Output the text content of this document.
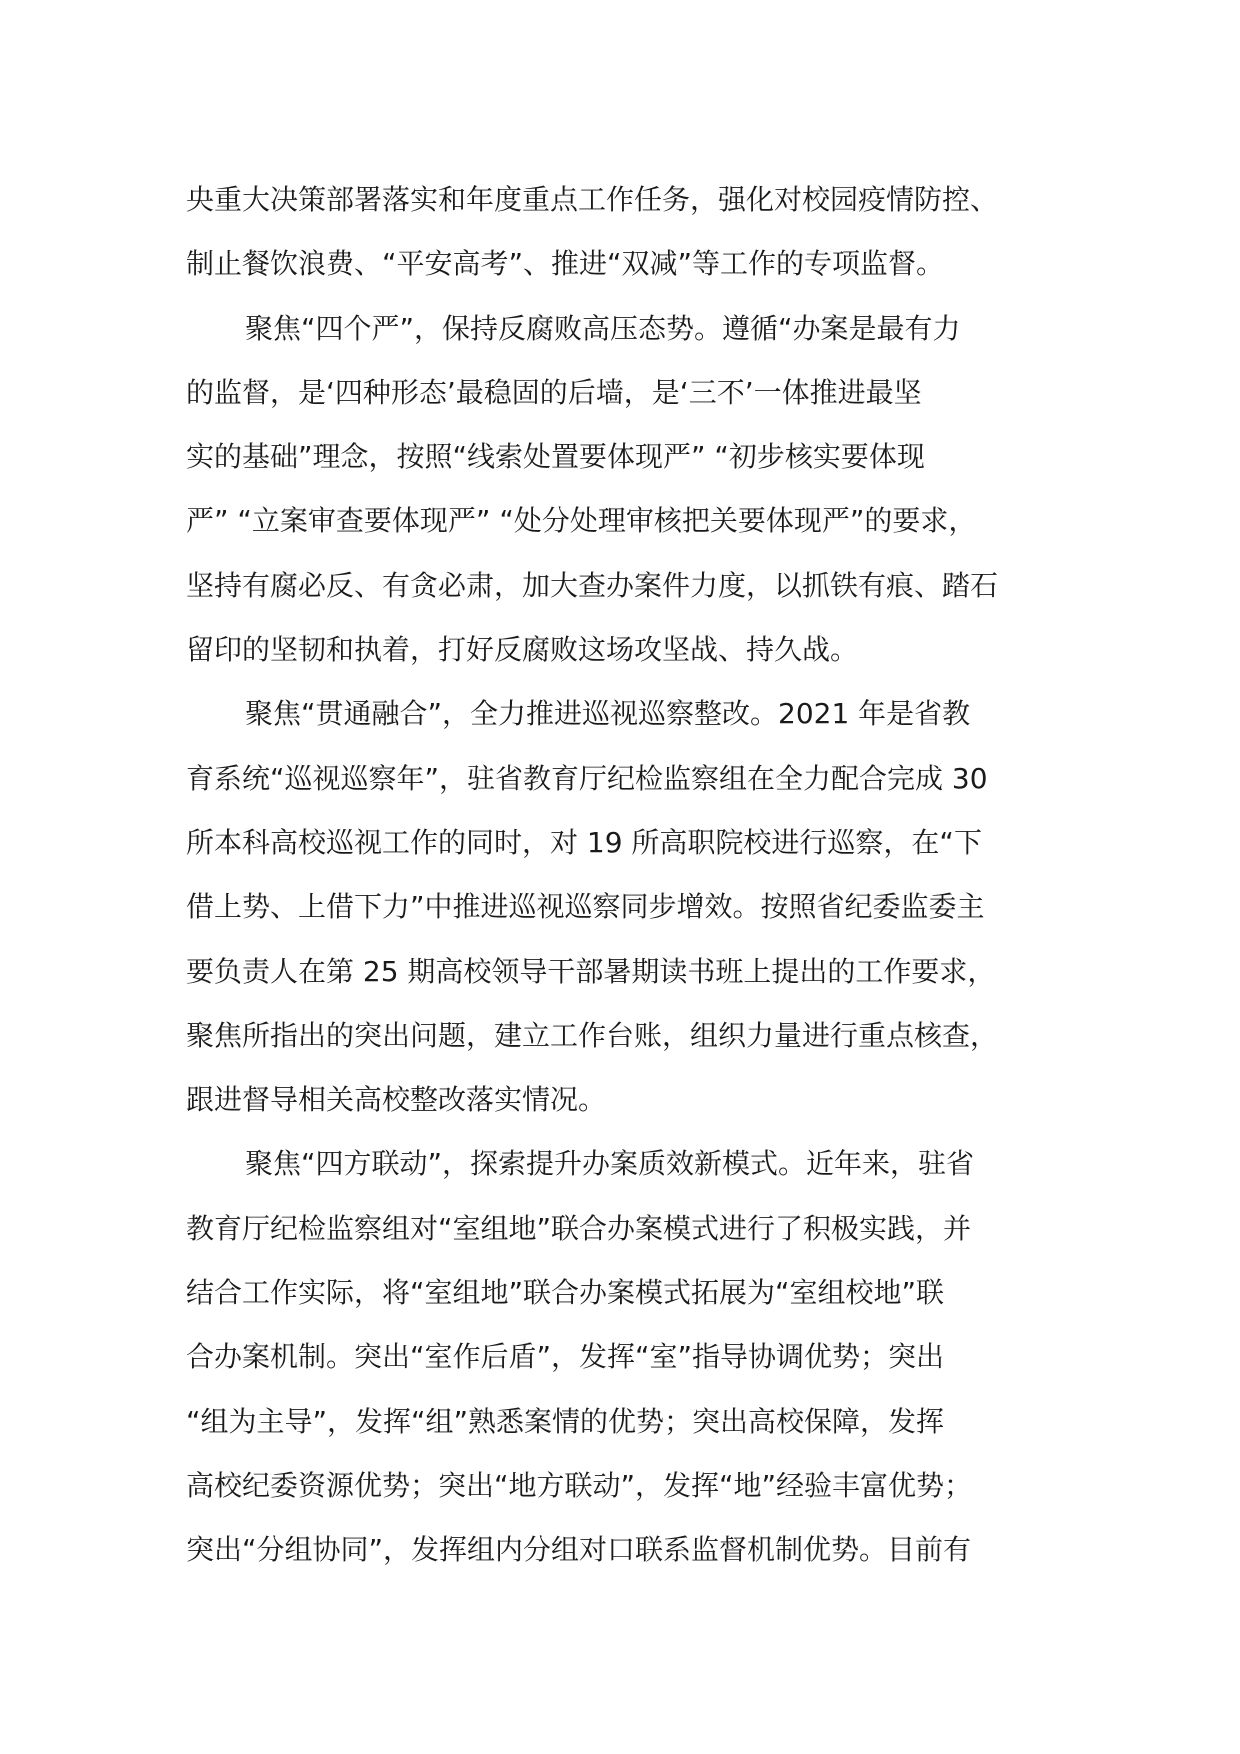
央重大决策部署落实和年度重点工作任务，强化对校园疫情防控、
制止餐饮浪费、“平安高考”、推进“双减”等工作的专项监督。
聚焦“四个严”，保持反腐败高压态势。遵循“办案是最有力
的监督，是‘四种形态’最稳固的后墙，是‘三不’一体推进最坚
实的基础”理念，按照“线索处置要体现严” “初步核实要体现
严” “立案审查要体现严” “处分处理审核把关要体现严”的要求，
坚持有腐必反、有贪必肃，加大查办案件力度，以抓铁有痕、踏石
留印的坚韧和执着，打好反腐败这场攻坚战、持久战。
聚焦“贯通融合”，全力推进巡视巡察整改。2021 年是省教
育系统“巡视巡察年”，驻省教育厅纪检监察组在全力配合完成 30
所本科高校巡视工作的同时，对 19 所高职院校进行巡察，在“下
借上势、上借下力”中推进巡视巡察同步增效。按照省纪委监委主
要负责人在第 25 期高校领导干部暑期读书班上提出的工作要求，
聚焦所指出的突出问题，建立工作台账，组织力量进行重点核查，
跟进督导相关高校整改落实情况。
聚焦“四方联动”，探索提升办案质效新模式。近年来，驻省
教育厅纪检监察组对“室组地”联合办案模式进行了积极实践，并
结合工作实际，将“室组地”联合办案模式拓展为“室组校地”联
合办案机制。突出“室作后盾”，发挥“室”指导协调优势；突出
“组为主导”，发挥“组”熟悉案情的优势；突出高校保障，发挥
高校纪委资源优势；突出“地方联动”，发挥“地”经验丰富优势；
突出“分组协同”，发挥组内分组对口联系监督机制优势。目前有
